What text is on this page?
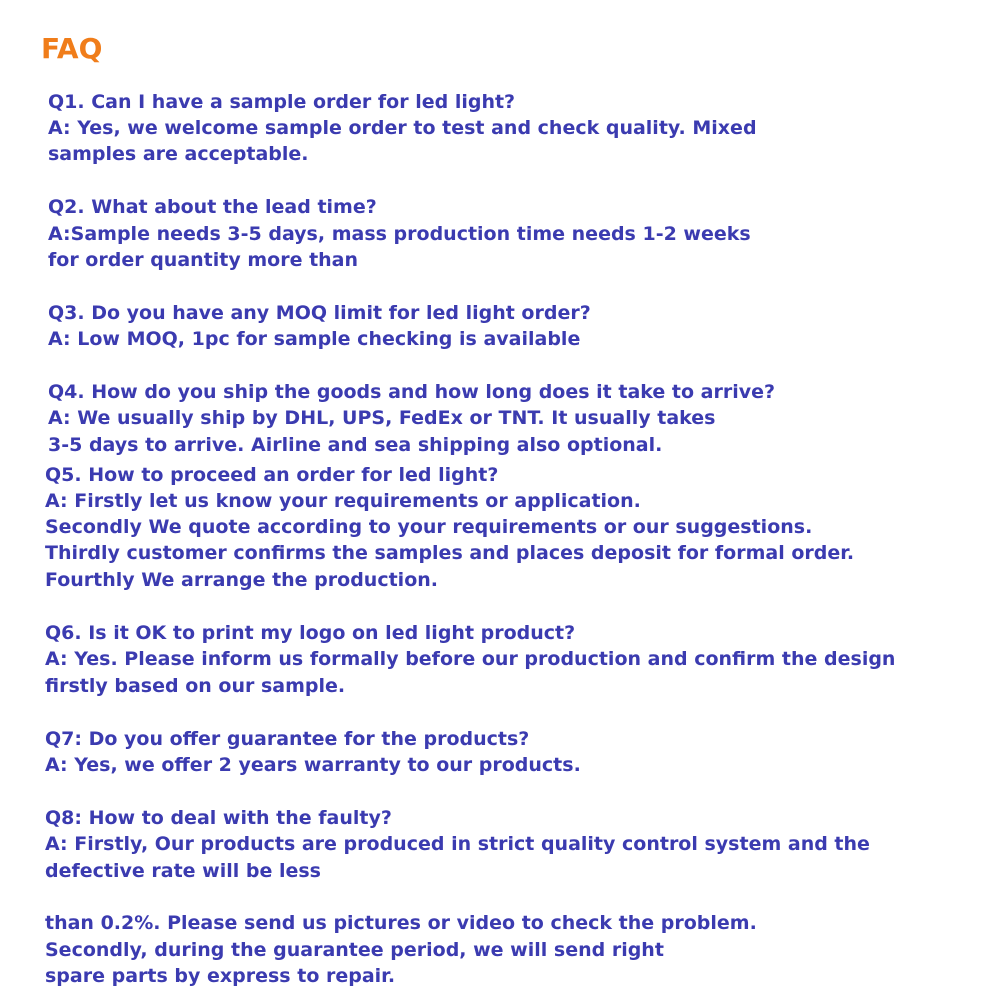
FAQ

Q1. Can I have a sample order for led light?

A: Yes, we welcome sample order to test and check quality. Mixed

samples are acceptable.

Q2. What about the lead time?

A:Sample needs 3-5 days, mass production time needs 1-2 weeks

for order quantity more than

Q3. Do you have any MOQ limit for led light order?

A: Low MOQ, 1pc for sample checking is available

Q4. How do you ship the goods and how long does it take to arrive?

A: We usually ship by DHL, UPS, FedEx or TNT. It usually takes

3-5 days to arrive. Airline and sea shipping also optional.

Q5. How to proceed an order for led light?

A: Firstly let us know your requirements or application.

Secondly We quote according to your requirements or our suggestions.

Thirdly customer confirms the samples and places deposit for formal order.

Fourthly We arrange the production.

Q6. Is it OK to print my logo on led light product?

A: Yes. Please inform us formally before our production and confirm the design

firstly based on our sample.

Q7: Do you offer guarantee for the products?

A: Yes, we offer 2 years warranty to our products.

Q8: How to deal with the faulty?

A: Firstly, Our products are produced in strict quality control system and the

defective rate will be less

than 0.2%. Please send us pictures or video to check the problem.

Secondly, during the guarantee period, we will send right

spare parts by express to repair.
